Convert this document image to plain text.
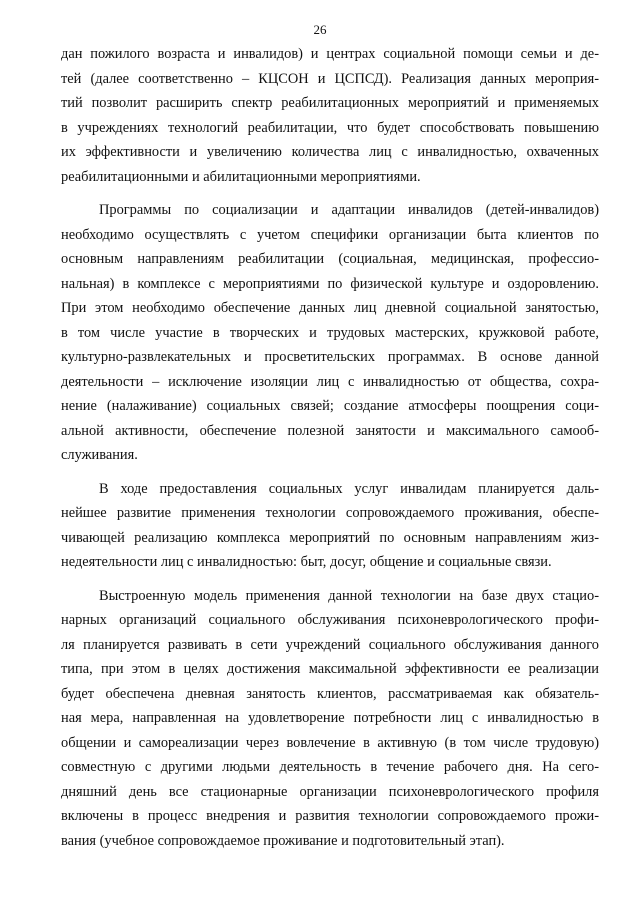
26
дан пожилого возраста и инвалидов) и центрах социальной помощи семьи и де-
тей (далее соответственно – КЦСОН и ЦСПСД). Реализация данных мероприя-
тий позволит расширить спектр реабилитационных мероприятий и применяемых
в учреждениях технологий реабилитации, что будет способствовать повышению
их эффективности и увеличению количества лиц с инвалидностью, охваченных
реабилитационными и абилитационными мероприятиями.
Программы по социализации и адаптации инвалидов (детей-инвалидов)
необходимо осуществлять с учетом специфики организации быта клиентов по
основным направлениям реабилитации (социальная, медицинская, профессио-
нальная) в комплексе с мероприятиями по физической культуре и оздоровлению.
При этом необходимо обеспечение данных лиц дневной социальной занятостью,
в том числе участие в творческих и трудовых мастерских, кружковой работе,
культурно-развлекательных и просветительских программах. В основе данной
деятельности – исключение изоляции лиц с инвалидностью от общества, сохра-
нение (налаживание) социальных связей; создание атмосферы поощрения соци-
альной активности, обеспечение полезной занятости и максимального самооб-
служивания.
В ходе предоставления социальных услуг инвалидам планируется даль-
нейшее развитие применения технологии сопровождаемого проживания, обеспе-
чивающей реализацию комплекса мероприятий по основным направлениям жиз-
недеятельности лиц с инвалидностью: быт, досуг, общение и социальные связи.
Выстроенную модель применения данной технологии на базе двух стацио-
нарных организаций социального обслуживания психоневрологического профи-
ля планируется развивать в сети учреждений социального обслуживания данного
типа, при этом в целях достижения максимальной эффективности ее реализации
будет обеспечена дневная занятость клиентов, рассматриваемая как обязатель-
ная мера, направленная на удовлетворение потребности лиц с инвалидностью в
общении и самореализации через вовлечение в активную (в том числе трудовую)
совместную с другими людьми деятельность в течение рабочего дня. На сего-
дняшний день все стационарные организации психоневрологического профиля
включены в процесс внедрения и развития технологии сопровождаемого прожи-
вания (учебное сопровождаемое проживание и подготовительный этап).
